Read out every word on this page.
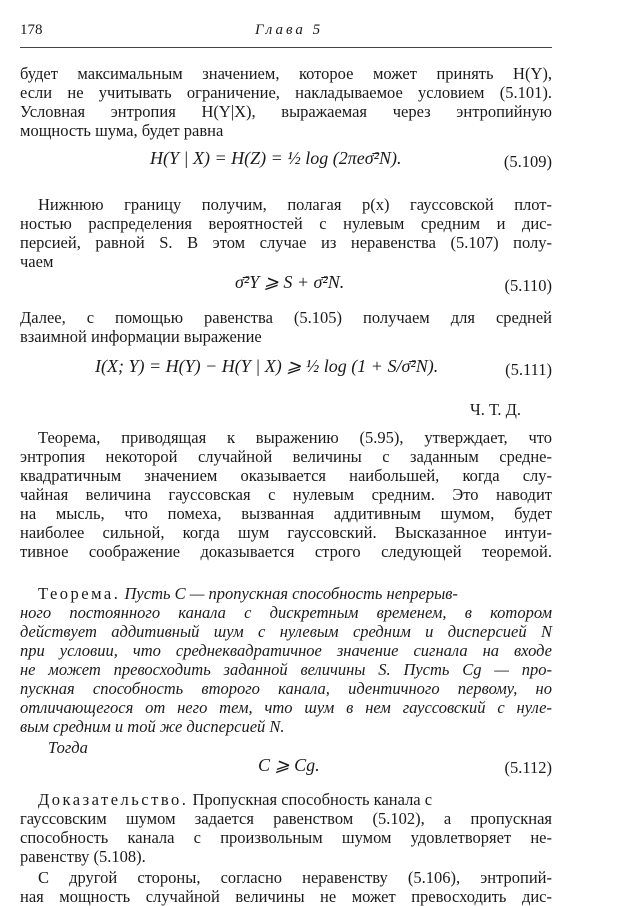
178	Глава 5
будет максимальным значением, которое может принять H(Y),
если не учитывать ограничение, накладываемое условием (5.101).
Условная энтропия H(Y|X), выражаемая через энтропийную
мощность шума, будет равна
H(Y | X) = H(Z) = ½ log (2πeσ̄²N).	(5.109)
Нижнюю границу получим, полагая p(x) гауссовской плот-
ностью распределения вероятностей с нулевым средним и дис-
персией, равной S. В этом случае из неравенства (5.107) полу-
чаем
σ̄²Y ⩾ S + σ̄²N.	(5.110)
Далее, с помощью равенства (5.105) получаем для средней
взаимной информации выражение
I(X; Y) = H(Y) − H(Y | X) ⩾ ½ log (1 + S/σ̄²N).	(5.111)
Ч. Т. Д.
Теорема, приводящая к выражению (5.95), утверждает, что
энтропия некоторой случайной величины с заданным средне-
квадратичным значением оказывается наибольшей, когда слу-
чайная величина гауссовская с нулевым средним. Это наводит
на мысль, что помеха, вызванная аддитивным шумом, будет
наиболее сильной, когда шум гауссовский. Высказанное интуи-
тивное соображение доказывается строго следующей теоремой.
Теорема. Пусть C — пропускная способность непрерыв-
ного постоянного канала с дискретным временем, в котором
действует аддитивный шум с нулевым средним и дисперсией N
при условии, что среднеквадратичное значение сигнала на входе
не может превосходить заданной величины S. Пусть Cg — про-
пускная способность второго канала, идентичного первому, но
отличающегося от него тем, что шум в нем гауссовский с нуле-
вым средним и той же дисперсией N.
Тогда
C ⩾ Cg.	(5.112)
Доказательство. Пропускная способность канала с
гауссовским шумом задается равенством (5.102), а пропускная
способность канала с произвольным шумом удовлетворяет не-
равенству (5.108).
С другой стороны, согласно неравенству (5.106), энтропий-
ная мощность случайной величины не может превосходить дис-
